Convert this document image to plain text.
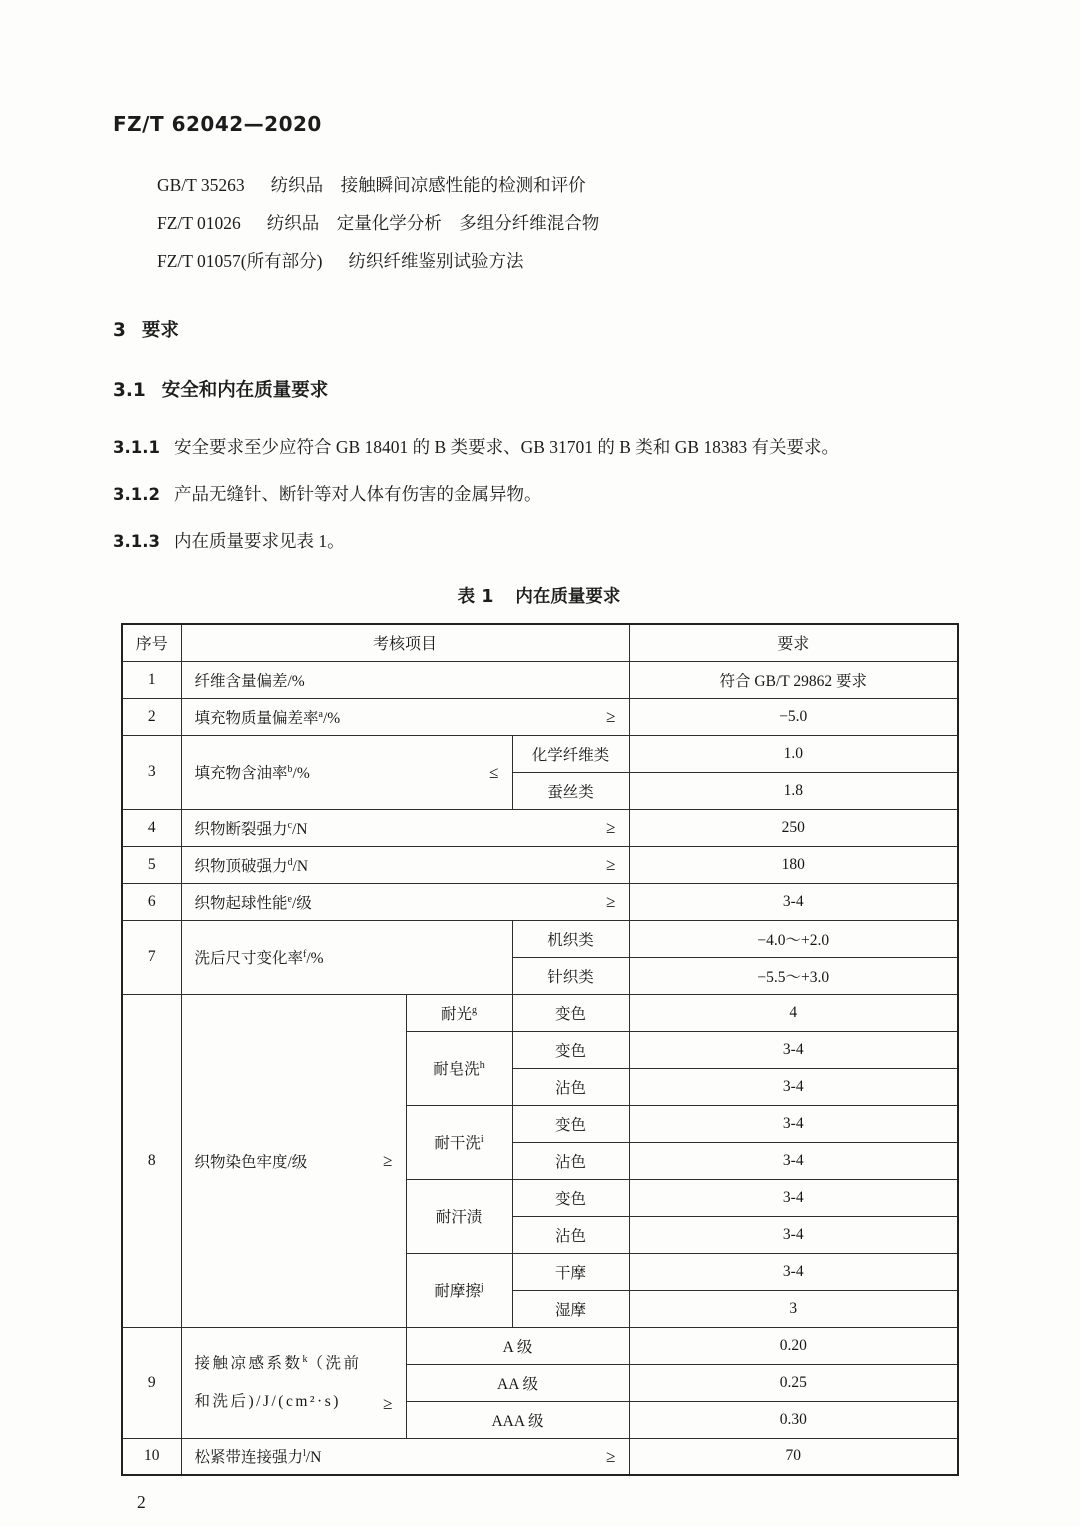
FZ/T 62042—2020
GB/T 35263 纺织品　接触瞬间凉感性能的检测和评价
FZ/T 01026 纺织品　定量化学分析　多组分纤维混合物
FZ/T 01057(所有部分) 纺织纤维鉴别试验方法
3 要求
3.1 安全和内在质量要求
3.1.1 安全要求至少应符合 GB 18401 的 B 类要求、GB 31701 的 B 类和 GB 18383 有关要求。
3.1.2 产品无缝针、断针等对人体有伤害的金属异物。
3.1.3 内在质量要求见表 1。
表 1 内在质量要求
序号	考核项目			要求
1	纤维含量偏差/%			符合 GB/T 29862 要求
2	填充物质量偏差率$^a$/% ≥			−5.0
3	填充物含油率$^b$/% ≤		化学纤维类	1.0
			蚕丝类	1.8
4	织物断裂强力$^c$/N ≥			250
5	织物顶破强力$^d$/N ≥			180
6	织物起球性能$^e$/级 ≥			3-4
7	洗后尺寸变化率$^f$/%		机织类	−4.0～+2.0
			针织类	−5.5～+3.0
8	织物染色牢度/级 ≥	耐光$^g$	变色	4
		耐皂洗$^h$	变色	3-4
			沾色	3-4
		耐干洗$^i$	变色	3-4
			沾色	3-4
		耐汗渍	变色	3-4
			沾色	3-4
		耐摩擦$^j$	干摩	3-4
			湿摩	3
9	接触凉感系数$^k$（洗前和洗后)/J/(cm²·s) ≥	A 级		0.20
		AA 级		0.25
		AAA 级		0.30
10	松紧带连接强力$^l$/N ≥			70
2
